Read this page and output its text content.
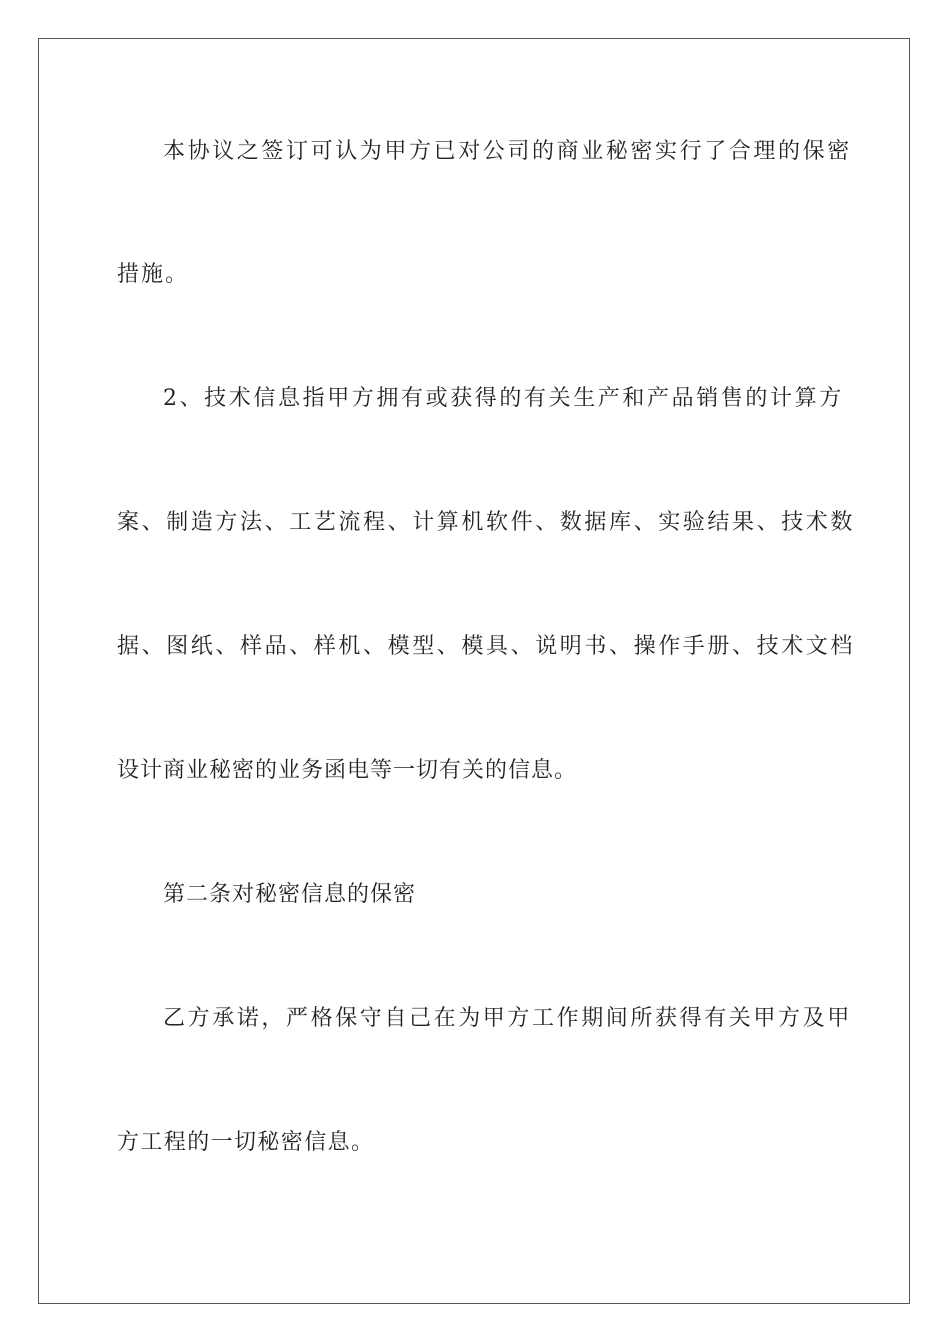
本协议之签订可认为甲方已对公司的商业秘密实行了合理的保密
措施。
2、技术信息指甲方拥有或获得的有关生产和产品销售的计算方
案、制造方法、工艺流程、计算机软件、数据库、实验结果、技术数
据、图纸、样品、样机、模型、模具、说明书、操作手册、技术文档
设计商业秘密的业务函电等一切有关的信息。
第二条对秘密信息的保密
乙方承诺，严格保守自己在为甲方工作期间所获得有关甲方及甲
方工程的一切秘密信息。
